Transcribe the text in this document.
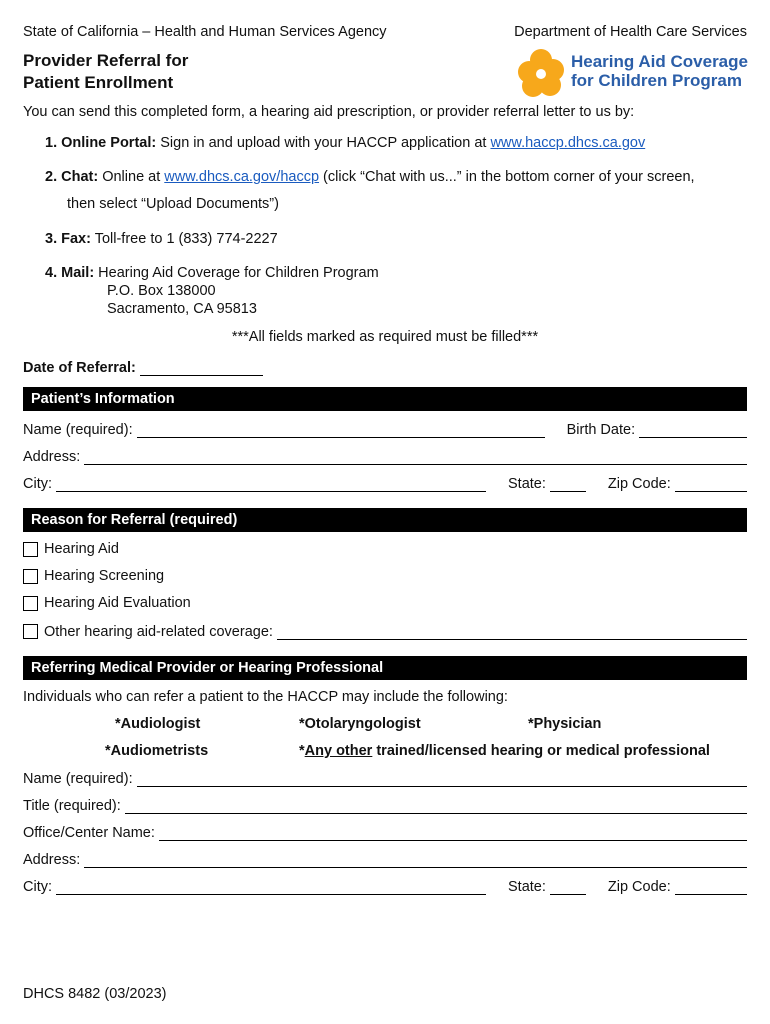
State of California – Health and Human Services Agency	Department of Health Care Services
Provider Referral for
Patient Enrollment
Hearing Aid Coverage
for Children Program
You can send this completed form, a hearing aid prescription, or provider referral letter to us by:
1. Online Portal: Sign in and upload with your HACCP application at www.haccp.dhcs.ca.gov
2. Chat: Online at www.dhcs.ca.gov/haccp (click “Chat with us...” in the bottom corner of your screen,
then select “Upload Documents”)
3. Fax: Toll-free to 1 (833) 774-2227
4. Mail: Hearing Aid Coverage for Children Program
P.O. Box 138000
Sacramento, CA 95813
***All fields marked as required must be filled***
Date of Referral:
Patient’s Information
Name (required):	Birth Date:
Address:
City:	State:	Zip Code:
Reason for Referral (required)
Hearing Aid
Hearing Screening
Hearing Aid Evaluation
Other hearing aid-related coverage:
Referring Medical Provider or Hearing Professional
Individuals who can refer a patient to the HACCP may include the following:
*Audiologist	*Otolaryngologist	*Physician
*Audiometrists	*Any other trained/licensed hearing or medical professional
Name (required):
Title (required):
Office/Center Name:
Address:
City:	State:	Zip Code:
DHCS 8482 (03/2023)
